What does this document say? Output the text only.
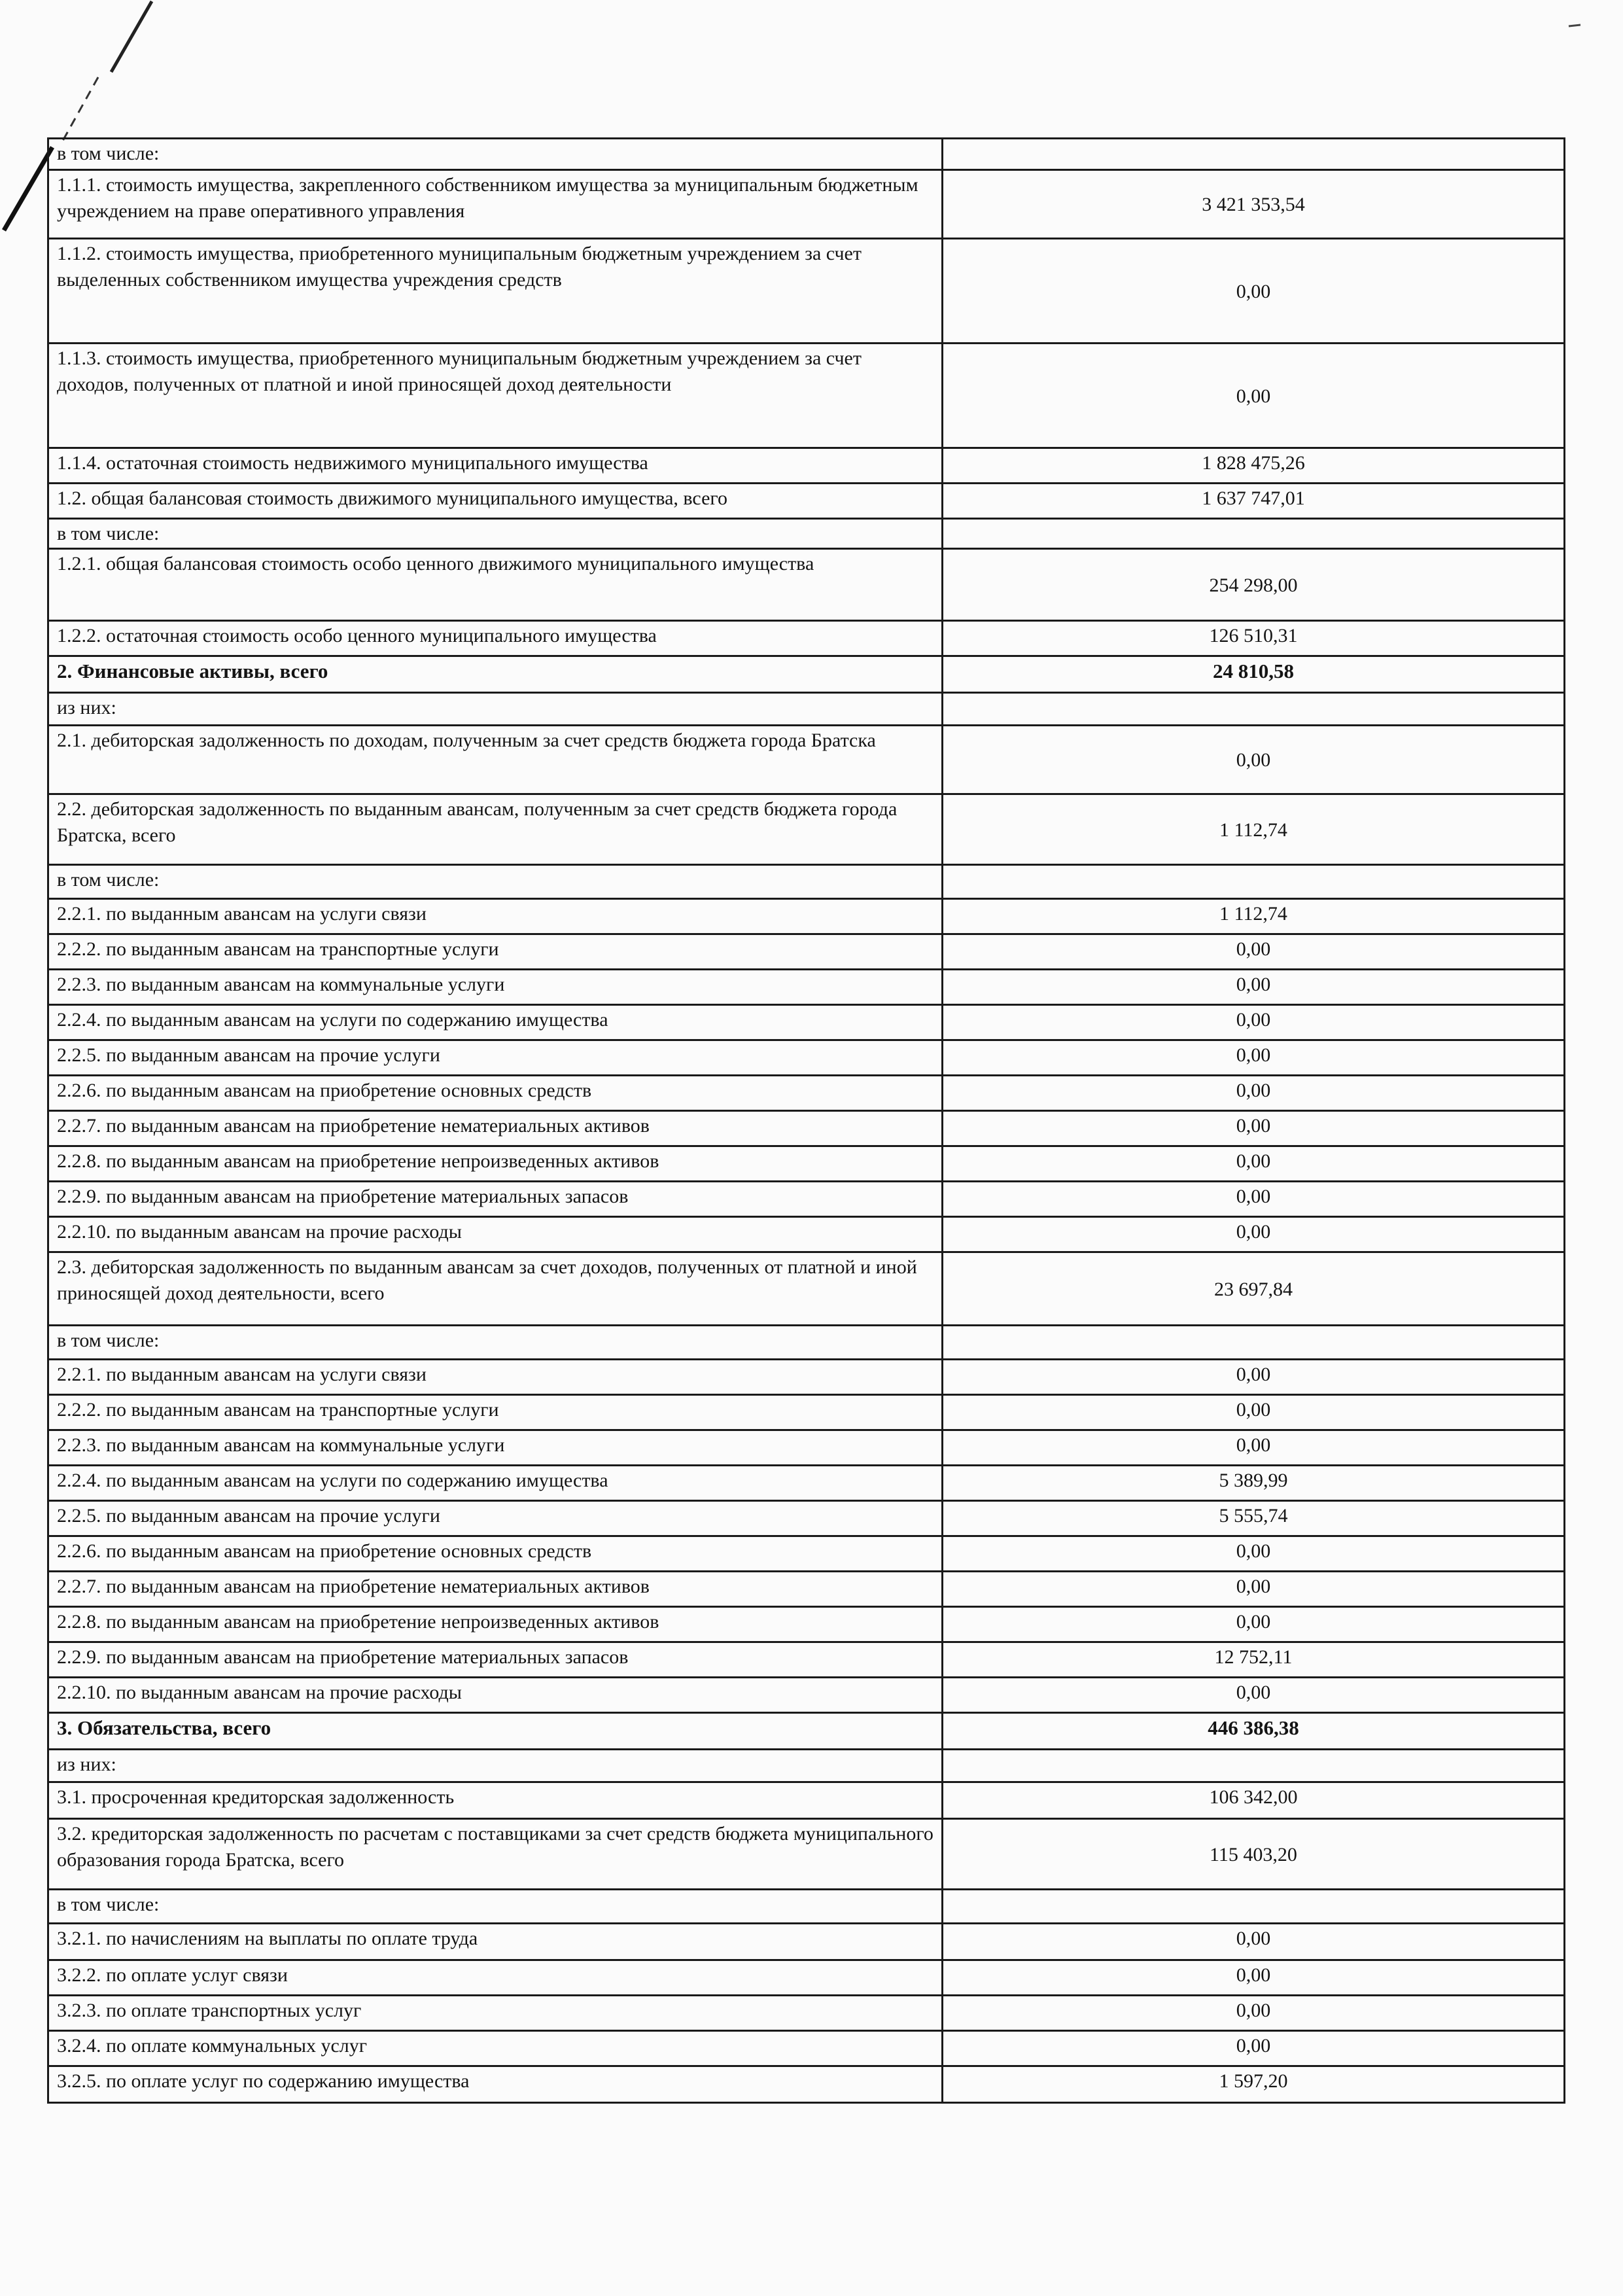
в том числе:	
1.1.1. стоимость имущества, закрепленного собственником имущества за муниципальным бюджетным учреждением на праве оперативного управления	3 421 353,54
1.1.2. стоимость имущества, приобретенного муниципальным бюджетным учреждением за счет выделенных собственником имущества учреждения средств	0,00
1.1.3. стоимость имущества, приобретенного муниципальным бюджетным учреждением за счет доходов, полученных от платной и иной приносящей доход деятельности	0,00
1.1.4. остаточная стоимость недвижимого муниципального имущества	1 828 475,26
1.2. общая балансовая стоимость движимого муниципального имущества, всего	1 637 747,01
в том числе:	
1.2.1. общая балансовая стоимость особо ценного движимого муниципального имущества	254 298,00
1.2.2. остаточная стоимость особо ценного муниципального имущества	126 510,31
2. Финансовые активы, всего	24 810,58
из них:	
2.1. дебиторская задолженность по доходам, полученным за счет средств бюджета города Братска	0,00
2.2. дебиторская задолженность по выданным авансам, полученным за счет средств бюджета города Братска, всего	1 112,74
в том числе:	
2.2.1. по выданным авансам на услуги связи	1 112,74
2.2.2. по выданным авансам на транспортные услуги	0,00
2.2.3. по выданным авансам на коммунальные услуги	0,00
2.2.4. по выданным авансам на услуги по содержанию имущества	0,00
2.2.5. по выданным авансам на прочие услуги	0,00
2.2.6. по выданным авансам на приобретение основных средств	0,00
2.2.7. по выданным авансам на приобретение нематериальных активов	0,00
2.2.8. по выданным авансам на приобретение непроизведенных активов	0,00
2.2.9. по выданным авансам на приобретение материальных запасов	0,00
2.2.10. по выданным авансам на прочие расходы	0,00
2.3. дебиторская задолженность по выданным авансам за счет доходов, полученных от платной и иной приносящей доход деятельности, всего	23 697,84
в том числе:	
2.2.1. по выданным авансам на услуги связи	0,00
2.2.2. по выданным авансам на транспортные услуги	0,00
2.2.3. по выданным авансам на коммунальные услуги	0,00
2.2.4. по выданным авансам на услуги по содержанию имущества	5 389,99
2.2.5. по выданным авансам на прочие услуги	5 555,74
2.2.6. по выданным авансам на приобретение основных средств	0,00
2.2.7. по выданным авансам на приобретение нематериальных активов	0,00
2.2.8. по выданным авансам на приобретение непроизведенных активов	0,00
2.2.9. по выданным авансам на приобретение материальных запасов	12 752,11
2.2.10. по выданным авансам на прочие расходы	0,00
3. Обязательства, всего	446 386,38
из них:	
3.1. просроченная кредиторская задолженность	106 342,00
3.2. кредиторская задолженность по расчетам с поставщиками за счет средств бюджета муниципального образования города Братска, всего	115 403,20
в том числе:	
3.2.1. по начислениям на выплаты по оплате труда	0,00
3.2.2. по оплате услуг связи	0,00
3.2.3. по оплате транспортных услуг	0,00
3.2.4. по оплате коммунальных услуг	0,00
3.2.5. по оплате услуг по содержанию имущества	1 597,20
